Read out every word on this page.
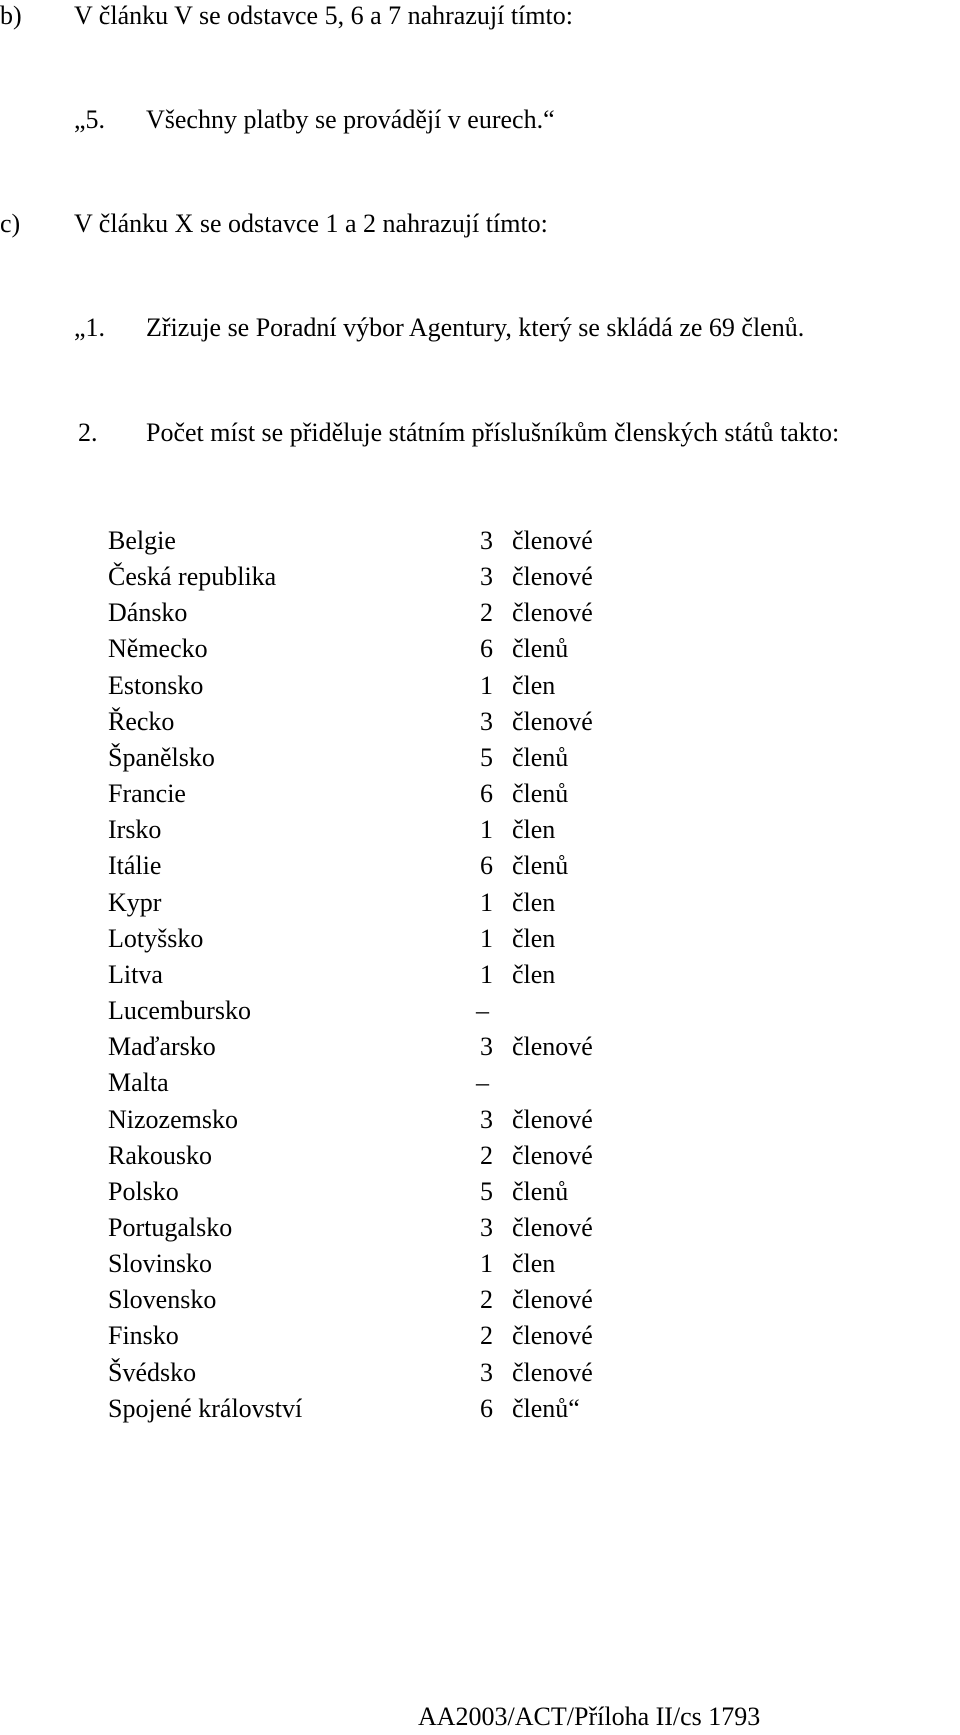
b) V článku V se odstavce 5, 6 a 7 nahrazují tímto:
„5. Všechny platby se provádějí v eurech.“
c) V článku X se odstavce 1 a 2 nahrazují tímto:
„1. Zřizuje se Poradní výbor Agentury, který se skládá ze 69 členů.
2. Počet míst se přiděluje státním příslušníkům členských států takto:
Belgie	3 členové
Česká republika	3 členové
Dánsko	2 členové
Německo	6 členů
Estonsko	1 člen
Řecko	3 členové
Španělsko	5 členů
Francie	6 členů
Irsko	1 člen
Itálie	6 členů
Kypr	1 člen
Lotyšsko	1 člen
Litva	1 člen
Lucembursko	–
Maďarsko	3 členové
Malta	–
Nizozemsko	3 členové
Rakousko	2 členové
Polsko	5 členů
Portugalsko	3 členové
Slovinsko	1 člen
Slovensko	2 členové
Finsko	2 členové
Švédsko	3 členové
Spojené království	6 členů“
AA2003/ACT/Příloha II/cs 1793
